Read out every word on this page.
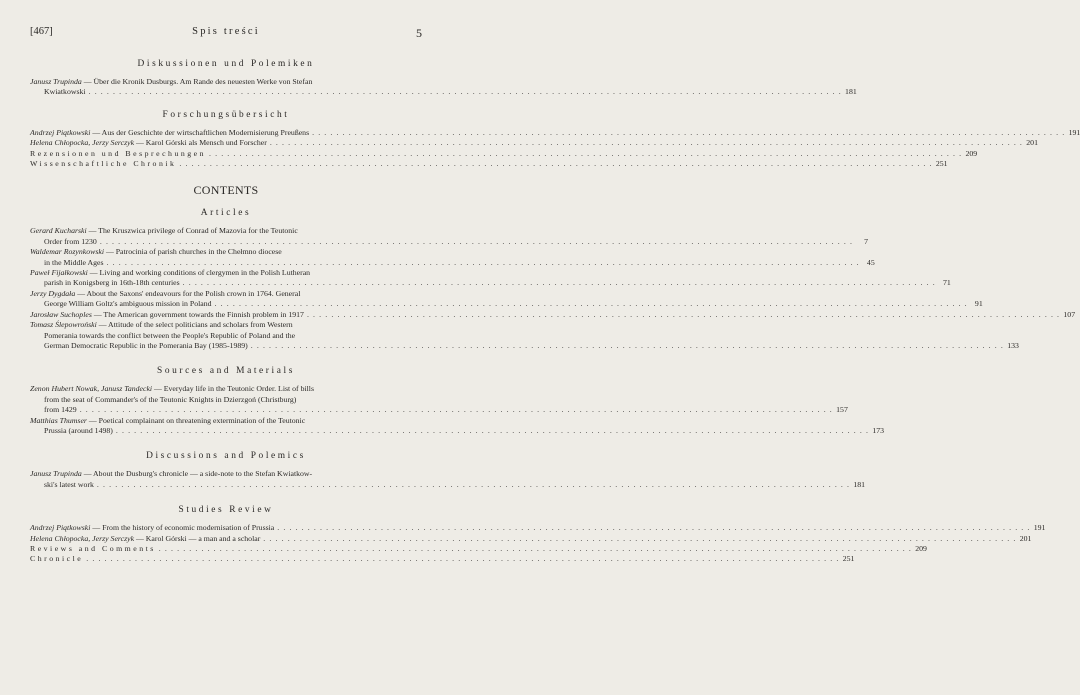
[467]	Spis treści	5
Diskussionen und Polemiken
Janusz Trupinda — Über die Kronik Dusburgs. Am Rande des neuesten Werke von Stefan
Kwiatkowski . . .	181
Forschungsübersicht
Andrzej Piątkowski — Aus der Geschichte der wirtschaftlichen Modernisierung Preußens . . .	191
Helena Chłopocka, Jerzy Serczyk — Karol Górski als Mensch und Forscher . . .	201
Rezensionen und Besprechungen . . .	209
Wissenschaftliche Chronik . . .	251
CONTENTS
Articles
Gerard Kucharski — The Kruszwica privilege of Conrad of Mazovia for the Teutonic
Order from 1230 . . .	7
Waldemar Rozynkowski — Patrocinia of parish churches in the Chełmno diocese
in the Middle Ages . . .	45
Paweł Fijałkowski — Living and working conditions of clergymen in the Polish Lutheran
parish in Konigsberg in 16th-18th centuries . . .	71
Jerzy Dygdała — About the Saxons' endeavours for the Polish crown in 1764. General
George William Goltz's ambiguous mission in Poland . . .	91
Jarosław Suchoples — The American government towards the Finnish problem in 1917 . . .	107
Tomasz Ślepowroński — Attitude of the select politicians and scholars from Western
Pomerania towards the conflict between the People's Republic of Poland and the
German Democratic Republic in the Pomerania Bay (1985-1989) . . .	133
Sources and Materials
Zenon Hubert Nowak, Janusz Tandecki — Everyday life in the Teutonic Order. List of bills
from the seat of Commander's of the Teutonic Knights in Dzierzgoń (Christburg)
from 1429 . . .	157
Matthias Thumser — Poetical complainant on threatening extermination of the Teutonic
Prussia (around 1498) . . .	173
Discussions and Polemics
Janusz Trupinda — About the Dusburg's chronicle — a side-note to the Stefan Kwiatkow-
ski's latest work . . .	181
Studies Review
Andrzej Piątkowski — From the history of economic modernisation of Prussia . . .	191
Helena Chłopocka, Jerzy Serczyk — Karol Górski — a man and a scholar . . .	201
Reviews and Comments . . .	209
Chronicle . . .	251
